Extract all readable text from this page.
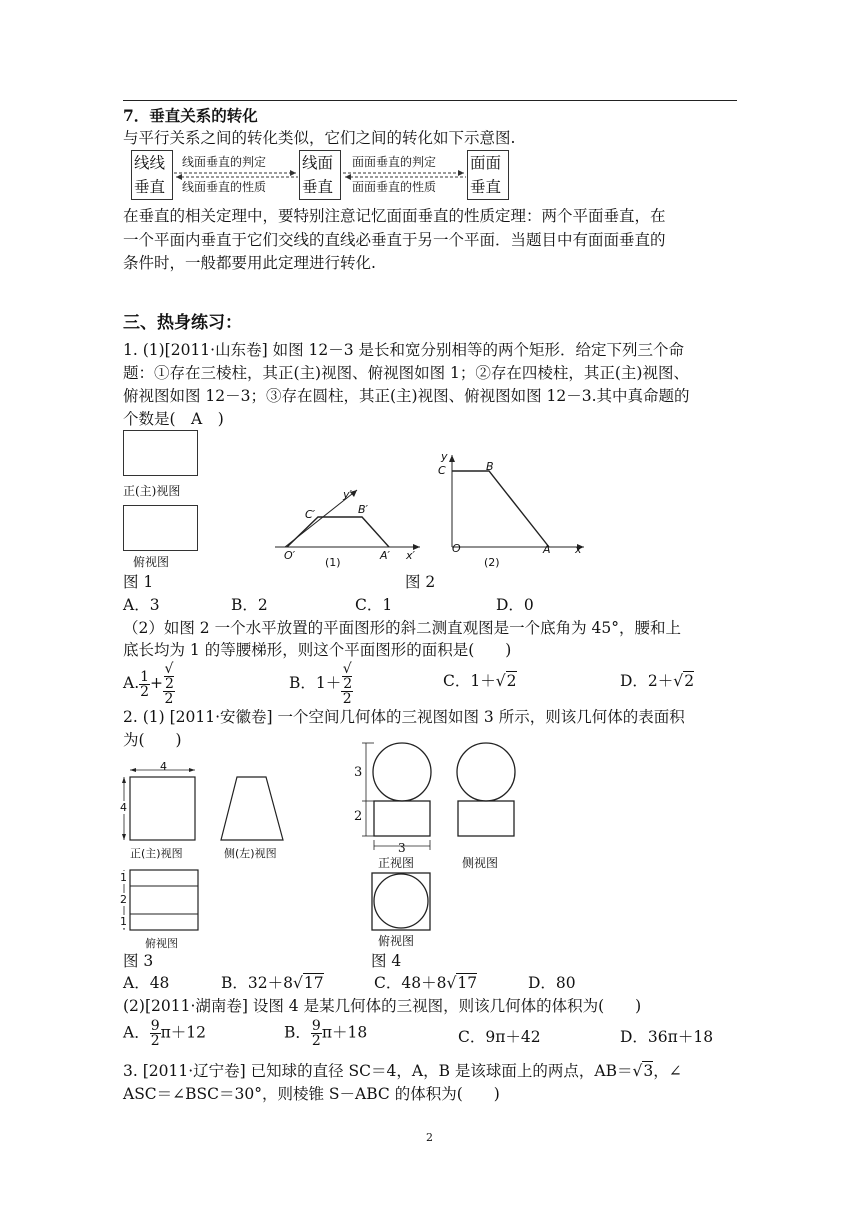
7．垂直关系的转化
与平行关系之间的转化类似，它们之间的转化如下示意图.
线线
垂直
线面垂直的判定
线面垂直的性质
线面
垂直
面面垂直的判定
面面垂直的性质
面面
垂直
在垂直的相关定理中，要特别注意记忆面面垂直的性质定理：两个平面垂直，在
一个平面内垂直于它们交线的直线必垂直于另一个平面．当题目中有面面垂直的
条件时，一般都要用此定理进行转化.
三、热身练习：
1. (1)[2011·山东卷] 如图 12－3 是长和宽分别相等的两个矩形．给定下列三个命
题：①存在三棱柱，其正(主)视图、俯视图如图 1；②存在四棱柱，其正(主)视图、
俯视图如图 12－3；③存在圆柱，其正(主)视图、俯视图如图 12－3.其中真命题的
个数是(　A　)
正(主)视图
俯视图
图 1
C′	B′
y′
O′	A′ x′
(1)
y
C	B
O	A x
(2)
图 2
A．3	B．2	C．1	D．0
（2）如图 2 一个水平放置的平面图形的斜二测直观图是一个底角为 45°，腰和上
底长均为 1 的等腰梯形，则这个平面图形的面积是(　　)
A. $\frac{1}{2}$ + √
2
2	B．1＋ √
2
2	C．1＋√2	D．2＋√2
2. (1) [2011·安徽卷] 一个空间几何体的三视图如图 3 所示，则该几何体的表面积
为(　　)
4
4
正(主)视图	侧(左)视图
1
2
1
俯视图
图 3
3
2
3
正视图	侧视图
俯视图
图 4
A．48	B．32＋8√17	C．48＋8√17	D．80
(2)[2011·湖南卷] 设图 4 是某几何体的三视图，则该几何体的体积为(　　)
A． $\frac{9}{2} \pi+12$	B． $\frac{9}{2} \pi+18$	C．9π＋42	D．36π＋18
3. [2011·辽宁卷] 已知球的直径 SC＝4，A，B 是该球面上的两点，AB＝√3，∠
ASC＝∠BSC＝30°，则棱锥 S－ABC 的体积为(　　)
2
